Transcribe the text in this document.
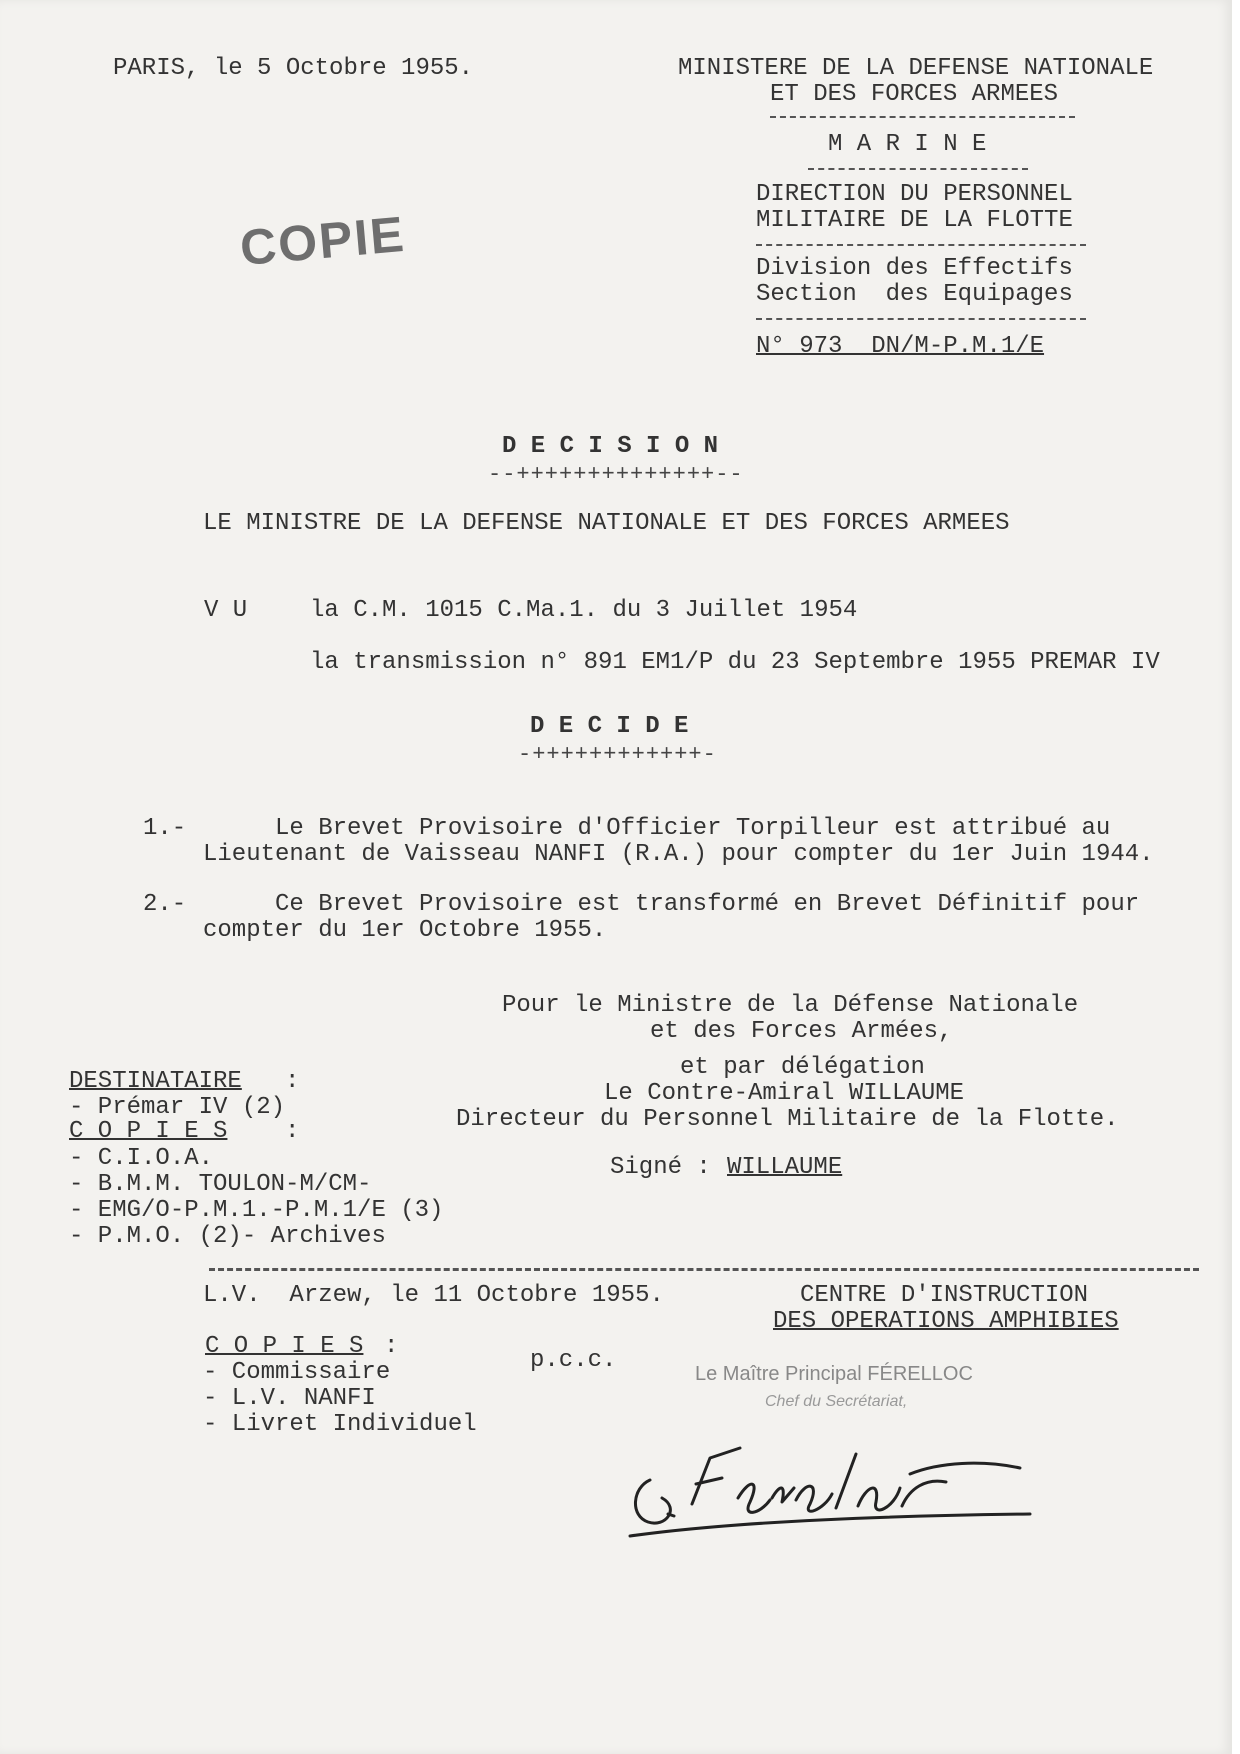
PARIS, le 5 Octobre 1955.	MINISTERE DE LA DEFENSE NATIONALE
ET DES FORCES ARMEES
M A R I N E
DIRECTION DU PERSONNEL
MILITAIRE DE LA FLOTTE
Division des Effectifs
Section  des Equipages
N° 973  DN/M-P.M.1/E
COPIE
D E C I S I O N
--++++++++++++++--
LE MINISTRE DE LA DEFENSE NATIONALE ET DES FORCES ARMEES
V U	la C.M. 1015 C.Ma.1. du 3 Juillet 1954
la transmission n° 891 EM1/P du 23 Septembre 1955 PREMAR IV
D E C I D E
-++++++++++++-
1.-	Le Brevet Provisoire d'Officier Torpilleur est attribué au
Lieutenant de Vaisseau NANFI (R.A.) pour compter du 1er Juin 1944.
2.-	Ce Brevet Provisoire est transformé en Brevet Définitif pour
compter du 1er Octobre 1955.
Pour le Ministre de la Défense Nationale
et des Forces Armées,
et par délégation
Le Contre-Amiral WILLAUME
Directeur du Personnel Militaire de la Flotte.
Signé : WILLAUME
DESTINATAIRE :
- Prémar IV (2)
C O P I E S :
- C.I.O.A.
- B.M.M. TOULON-M/CM-
- EMG/O-P.M.1.-P.M.1/E (3)
- P.M.O. (2)- Archives
L.V.  Arzew, le 11 Octobre 1955.	CENTRE D'INSTRUCTION
DES OPERATIONS AMPHIBIES
C O P I E S :
- Commissaire
- L.V. NANFI
- Livret Individuel
p.c.c.	Le Maître Principal FÉRELLOC
Chef du Secrétariat,
